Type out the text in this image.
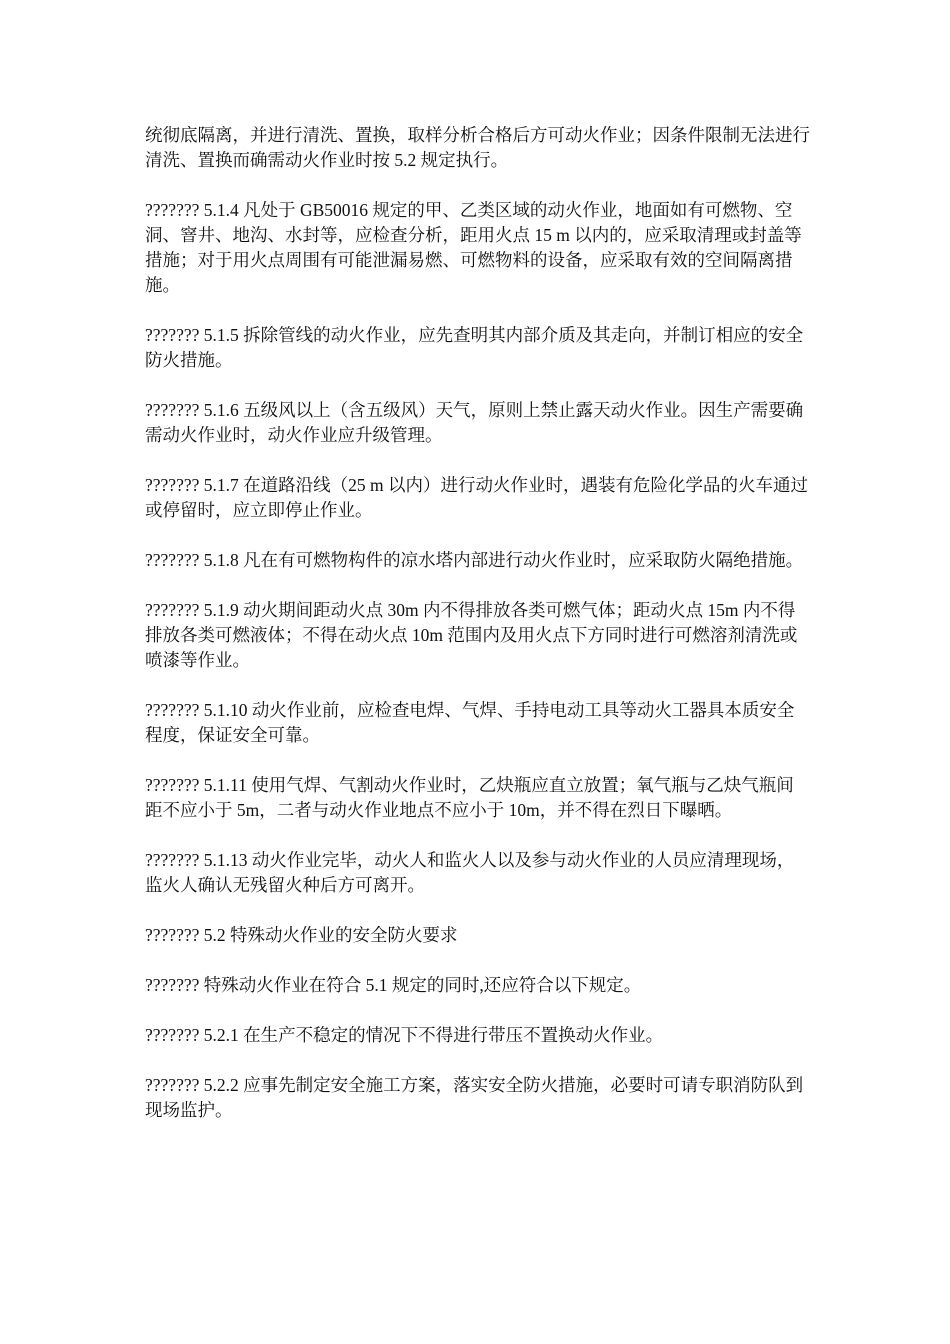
统彻底隔离，并进行清洗、置换，取样分析合格后方可动火作业；因条件限制无法进行清洗、置换而确需动火作业时按 5.2 规定执行。

??????? 5.1.4 凡处于 GB50016 规定的甲、乙类区域的动火作业，地面如有可燃物、空洞、窨井、地沟、水封等，应检查分析，距用火点 15 m 以内的，应采取清理或封盖等措施；对于用火点周围有可能泄漏易燃、可燃物料的设备，应采取有效的空间隔离措施。

??????? 5.1.5 拆除管线的动火作业，应先查明其内部介质及其走向，并制订相应的安全防火措施。

??????? 5.1.6 五级风以上（含五级风）天气，原则上禁止露天动火作业。因生产需要确需动火作业时，动火作业应升级管理。

??????? 5.1.7 在道路沿线（25 m 以内）进行动火作业时，遇装有危险化学品的火车通过或停留时，应立即停止作业。

??????? 5.1.8 凡在有可燃物构件的凉水塔内部进行动火作业时，应采取防火隔绝措施。

??????? 5.1.9 动火期间距动火点 30m 内不得排放各类可燃气体；距动火点 15m 内不得排放各类可燃液体；不得在动火点 10m 范围内及用火点下方同时进行可燃溶剂清洗或喷漆等作业。

??????? 5.1.10 动火作业前，应检查电焊、气焊、手持电动工具等动火工器具本质安全程度，保证安全可靠。

??????? 5.1.11 使用气焊、气割动火作业时，乙炔瓶应直立放置；氧气瓶与乙炔气瓶间距不应小于 5m，二者与动火作业地点不应小于 10m，并不得在烈日下曝晒。

??????? 5.1.13 动火作业完毕，动火人和监火人以及参与动火作业的人员应清理现场，监火人确认无残留火种后方可离开。

??????? 5.2 特殊动火作业的安全防火要求

??????? 特殊动火作业在符合 5.1 规定的同时,还应符合以下规定。

??????? 5.2.1 在生产不稳定的情况下不得进行带压不置换动火作业。

??????? 5.2.2 应事先制定安全施工方案，落实安全防火措施，必要时可请专职消防队到现场监护。
